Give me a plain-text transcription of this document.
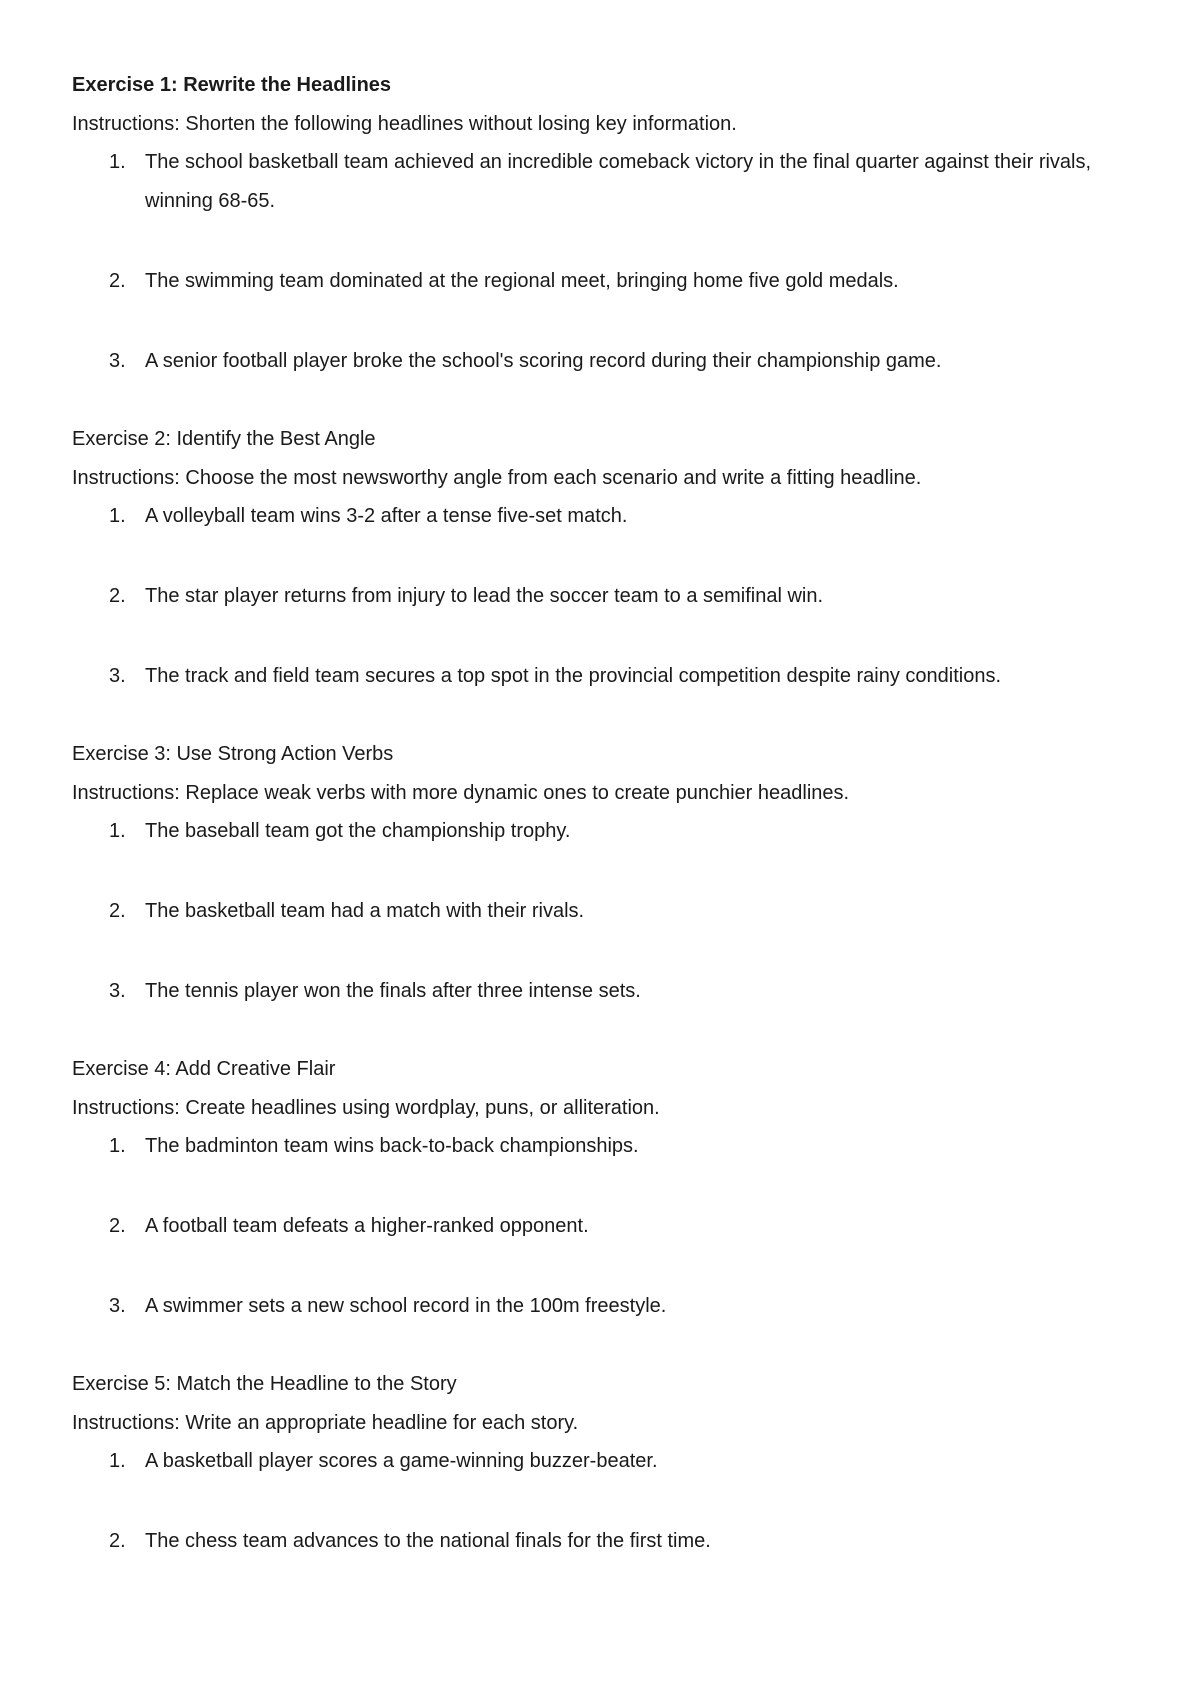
Exercise 1: Rewrite the Headlines

Instructions: Shorten the following headlines without losing key information.

1. The school basketball team achieved an incredible comeback victory in the final quarter against their rivals, winning 68-65.
2. The swimming team dominated at the regional meet, bringing home five gold medals.
3. A senior football player broke the school's scoring record during their championship game.
Exercise 2: Identify the Best Angle

Instructions: Choose the most newsworthy angle from each scenario and write a fitting headline.

1. A volleyball team wins 3-2 after a tense five-set match.
2. The star player returns from injury to lead the soccer team to a semifinal win.
3. The track and field team secures a top spot in the provincial competition despite rainy conditions.
Exercise 3: Use Strong Action Verbs

Instructions: Replace weak verbs with more dynamic ones to create punchier headlines.

1. The baseball team got the championship trophy.
2. The basketball team had a match with their rivals.
3. The tennis player won the finals after three intense sets.
Exercise 4: Add Creative Flair

Instructions: Create headlines using wordplay, puns, or alliteration.

1. The badminton team wins back-to-back championships.
2. A football team defeats a higher-ranked opponent.
3. A swimmer sets a new school record in the 100m freestyle.
Exercise 5: Match the Headline to the Story

Instructions: Write an appropriate headline for each story.

1. A basketball player scores a game-winning buzzer-beater.
2. The chess team advances to the national finals for the first time.
